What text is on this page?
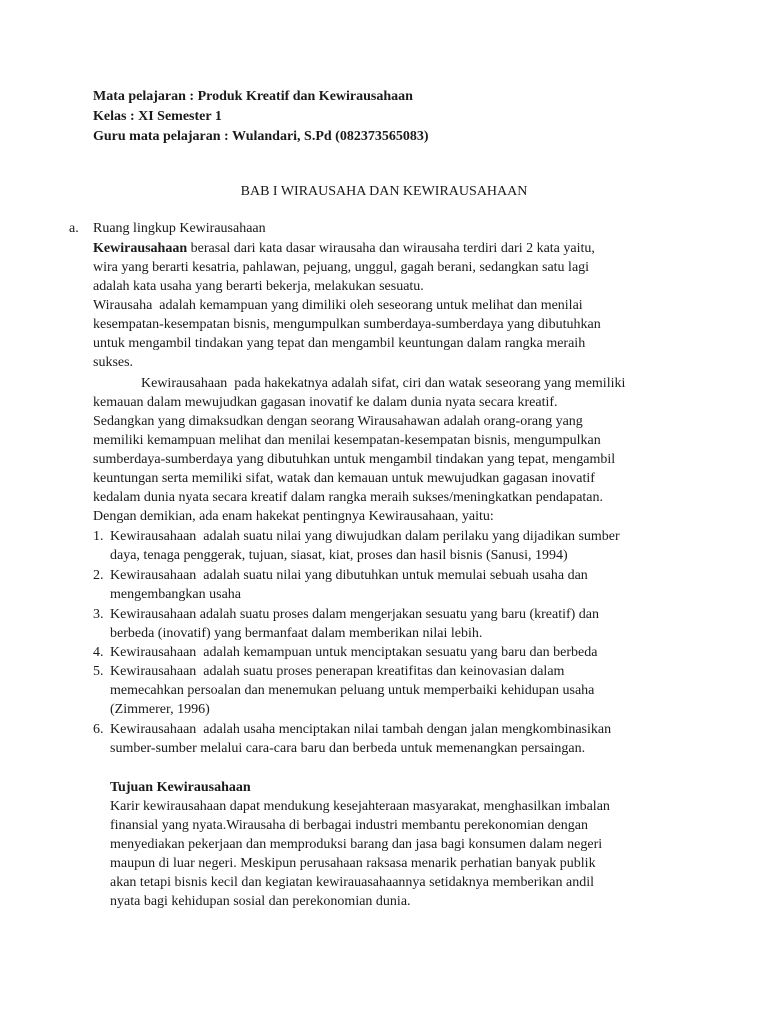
Mata pelajaran : Produk Kreatif dan Kewirausahaan
Kelas : XI Semester 1
Guru mata pelajaran : Wulandari, S.Pd (082373565083)
BAB I WIRAUSAHA DAN KEWIRAUSAHAAN
a. Ruang lingkup Kewirausahaan
Kewirausahaan berasal dari kata dasar wirausaha dan wirausaha terdiri dari 2 kata yaitu,
wira yang berarti kesatria, pahlawan, pejuang, unggul, gagah berani, sedangkan satu lagi
adalah kata usaha yang berarti bekerja, melakukan sesuatu.
Wirausaha  adalah kemampuan yang dimiliki oleh seseorang untuk melihat dan menilai
kesempatan-kesempatan bisnis, mengumpulkan sumberdaya-sumberdaya yang dibutuhkan
untuk mengambil tindakan yang tepat dan mengambil keuntungan dalam rangka meraih
sukses.
Kewirausahaan  pada hakekatnya adalah sifat, ciri dan watak seseorang yang memiliki
kemauan dalam mewujudkan gagasan inovatif ke dalam dunia nyata secara kreatif.
Sedangkan yang dimaksudkan dengan seorang Wirausahawan adalah orang-orang yang
memiliki kemampuan melihat dan menilai kesempatan-kesempatan bisnis, mengumpulkan
sumberdaya-sumberdaya yang dibutuhkan untuk mengambil tindakan yang tepat, mengambil
keuntungan serta memiliki sifat, watak dan kemauan untuk mewujudkan gagasan inovatif
kedalam dunia nyata secara kreatif dalam rangka meraih sukses/meningkatkan pendapatan.
Dengan demikian, ada enam hakekat pentingnya Kewirausahaan, yaitu:
1. Kewirausahaan  adalah suatu nilai yang diwujudkan dalam perilaku yang dijadikan sumber
daya, tenaga penggerak, tujuan, siasat, kiat, proses dan hasil bisnis (Sanusi, 1994)
2. Kewirausahaan  adalah suatu nilai yang dibutuhkan untuk memulai sebuah usaha dan
mengembangkan usaha
3. Kewirausahaan adalah suatu proses dalam mengerjakan sesuatu yang baru (kreatif) dan
berbeda (inovatif) yang bermanfaat dalam memberikan nilai lebih.
4. Kewirausahaan  adalah kemampuan untuk menciptakan sesuatu yang baru dan berbeda
5. Kewirausahaan  adalah suatu proses penerapan kreatifitas dan keinovasian dalam
memecahkan persoalan dan menemukan peluang untuk memperbaiki kehidupan usaha
(Zimmerer, 1996)
6. Kewirausahaan  adalah usaha menciptakan nilai tambah dengan jalan mengkombinasikan
sumber-sumber melalui cara-cara baru dan berbeda untuk memenangkan persaingan.
Tujuan Kewirausahaan
Karir kewirausahaan dapat mendukung kesejahteraan masyarakat, menghasilkan imbalan
finansial yang nyata.Wirausaha di berbagai industri membantu perekonomian dengan
menyediakan pekerjaan dan memproduksi barang dan jasa bagi konsumen dalam negeri
maupun di luar negeri. Meskipun perusahaan raksasa menarik perhatian banyak publik
akan tetapi bisnis kecil dan kegiatan kewirauasahaannya setidaknya memberikan andil
nyata bagi kehidupan sosial dan perekonomian dunia.
